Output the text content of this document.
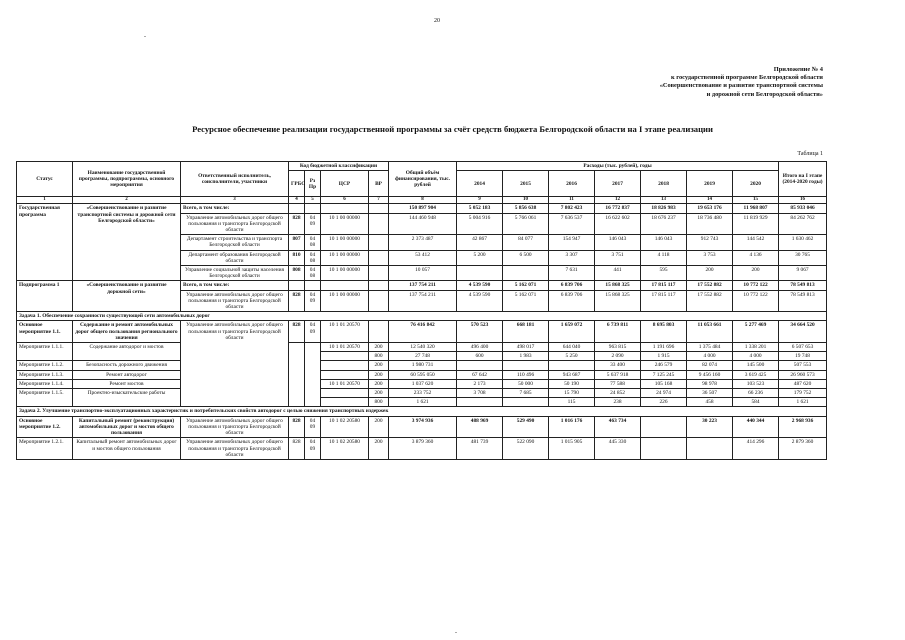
20
-
-
Приложение № 4
к государственной программе Белгородской области
«Совершенствование и развитие транспортной системы
и дорожной сети Белгородской области»
Ресурсное обеспечение реализации государственной программы за счёт средств бюджета Белгородской области на I этапе реализации
Таблица 1
Статус	Наименование государственной программы, подпрограммы, основного мероприятия	Ответственный исполнитель, соисполнители, участники	Код бюджетной классификации				Общий объём финансирования, тыс. рублей	Расходы (тыс. рублей), годы							Итого на I этапе (2014-2020 годы)
			ГРБС	Рз Пр	ЦСР	ВР		2014	2015	2016	2017	2018	2019	2020	
1	2	3	4	5	6	7	8	9	10	11	12	13	14	15	16
Государственная программа	«Совершенствование и развитие транспортной системы и дорожной сети Белгородской области»	Всего, в том числе:					150 897 904	5 052 183	5 856 638	7 802 423	16 772 837	18 826 983	19 653 176	11 968 807	85 933 046
		Управление автомобильных дорог общего пользования и транспорта Белгородской области	828	04 09	10 1 00 00000		144 460 948	5 004 916	5 766 061	7 636 537	16 622 602	18 676 237	18 736 480	11 819 929	84 262 762
		Департамент строительства и транспорта Белгородской области	807	04 08	10 1 00 00000		2 373 487	42 867	84 077	154 947	146 043	146 043	912 743	144 542	1 630 462
		Департамент образования Белгородской области	810	04 08	10 1 00 00000		53 412	5 200	6 500	3 307	3 751	4 118	3 753	4 136	30 765
		Управление социальной защиты населения Белгородской области	808	04 08	10 1 00 00000		10 057			7 631	441	595	200	200	9 067
Подпрограмма 1	«Совершенствование и развитие дорожной сети»	Всего, в том числе:					137 754 211	4 539 590	5 162 071	6 839 706	15 868 325	17 815 117	17 552 882	10 772 122	78 549 813
		Управление автомобильных дорог общего пользования и транспорта Белгородской области	828	04 09	10 1 00 00000		137 754 211	4 539 590	5 162 071	6 839 706	15 868 325	17 815 117	17 552 882	10 772 122	78 549 813
Задача 1. Обеспечение сохранности существующей сети автомобильных дорог															
Основное мероприятие 1.1.	Содержание и ремонт автомобильных дорог общего пользования регионального значения	Управление автомобильных дорог общего пользования и транспорта Белгородской области	828	04 09	10 1 01 20570		76 416 842	570 523	668 181	1 659 072	6 739 811	8 695 803	11 053 661	5 277 469	34 664 520
Мероприятие 1.1.1.	Содержание автодорог и мостов				10 1 01 20570	200	12 540 320	496 400	498 017	644 040	963 815	1 191 696	1 375 484	1 338 201	6 507 653
						800	27 748	600	1 983	5 250	2 090	1 915	4 000	4 000	19 748
Мероприятие 1.1.2.	Безопасность дорожного движения					200	1 980 731				33 400	246 579	82 074	145 500	507 553
Мероприятие 1.1.3.	Ремонт автодорог					200	60 595 050	67 642	110 496	943 687	5 637 918	7 125 245	9 456 160	3 619 425	26 960 573
Мероприятие 1.1.4.	Ремонт мостов				10 1 01 20570	200	1 037 620	2 173	50 000	50 190	77 588	105 168	98 978	103 523	487 620
Мероприятие 1.1.5.	Проектно-изыскательские работы					200	233 752	3 708	7 685	15 790	24 852	24 974	36 507	66 236	179 752
						800	1 621			115	238	226	458	584	1 621
Задача 2. Улучшение транспортно-эксплуатационных характеристик и потребительских свойств автодорог с целью снижения транспортных издержек															
Основное мероприятие 1.2.	Капитальный ремонт (реконструкция) автомобильных дорог и мостов общего пользования	Управление автомобильных дорог общего пользования и транспорта Белгородской области	828	04 09	10 1 02 20580	200	3 974 936	488 969	529 490	1 016 176	463 734		30 223	440 344	2 968 936
Мероприятие 1.2.1.	Капитальный ремонт автомобильных дорог и мостов общего пользования	Управление автомобильных дорог общего пользования и транспорта Белгородской области	828	04 09	10 1 02 20580	200	3 879 360	481 739	522 090	1 015 905	445 330			414 296	2 879 360
